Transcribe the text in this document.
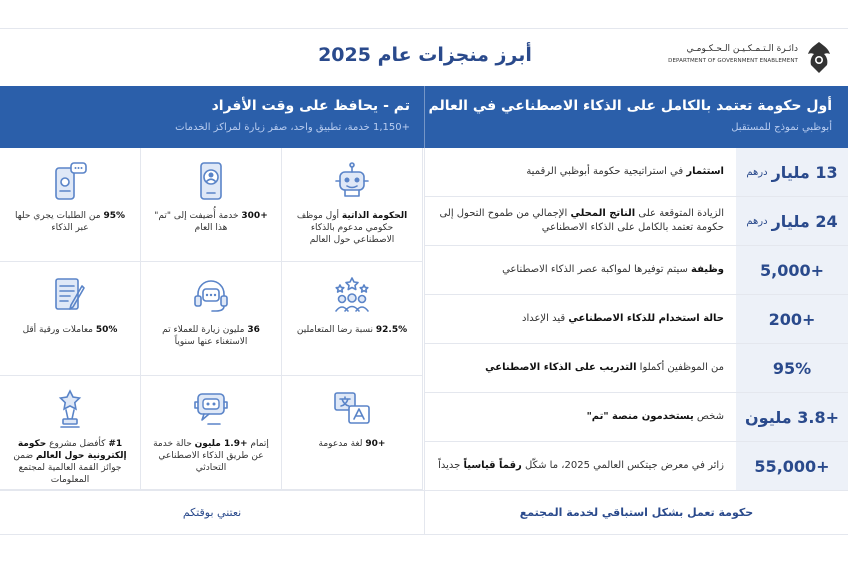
أبرز منجزات عام 2025	دائـرة الـتـمـكـيـن الـحـكـومـي
DEPARTMENT OF GOVERNMENT ENABLEMENT
أول حكومة تعتمد بالكامل على الذكاء الاصطناعي في العالم
أبوظبي نموذج للمستقبل
تم - يحافظ على وقت الأفراد
+1,150 خدمة، تطبيق واحد، صفر زيارة لمراكز الخدمات
13 مليار
درهم
استثمار في استراتيجية حكومة أبوظبي الرقمية
24 مليار
درهم
الزيادة المتوقعة على الناتج المحلي الإجمالي من طموح التحول إلى حكومة تعتمد بالكامل على الذكاء الاصطناعي
+5,000
وظيفة سيتم توفيرها لمواكبة عصر الذكاء الاصطناعي
+200
حالة استخدام للذكاء الاصطناعي قيد الإعداد
95%
من الموظفين أكملوا التدريب على الذكاء الاصطناعي
+3.8 مليون
شخص يستخدمون منصة "تم"
+55,000
زائر في معرض جيتكس العالمي 2025، ما شكّل رقماً قياسياً جديداً
الحكومة الذاتية أول موظف حكومي مدعوم بالذكاء الاصطناعي حول العالم
+300 خدمة أُضيفت إلى "تم" هذا العام
95% من الطلبات يجري حلها عبر الذكاء
92.5% نسبة رضا المتعاملين
36 مليون زيارة للعملاء تم الاستغناء عنها سنوياً
50% معاملات ورقية أقل
+90 لغة مدعومة
إتمام +1.9 مليون حالة خدمة عن طريق الذكاء الاصطناعي التحادثي
#1 كأفضل مشروع حكومة إلكترونية حول العالم ضمن جوائز القمة العالمية لمجتمع المعلومات
نعتني بوقتكم	حكومة تعمل بشكل استباقي لخدمة المجتمع
